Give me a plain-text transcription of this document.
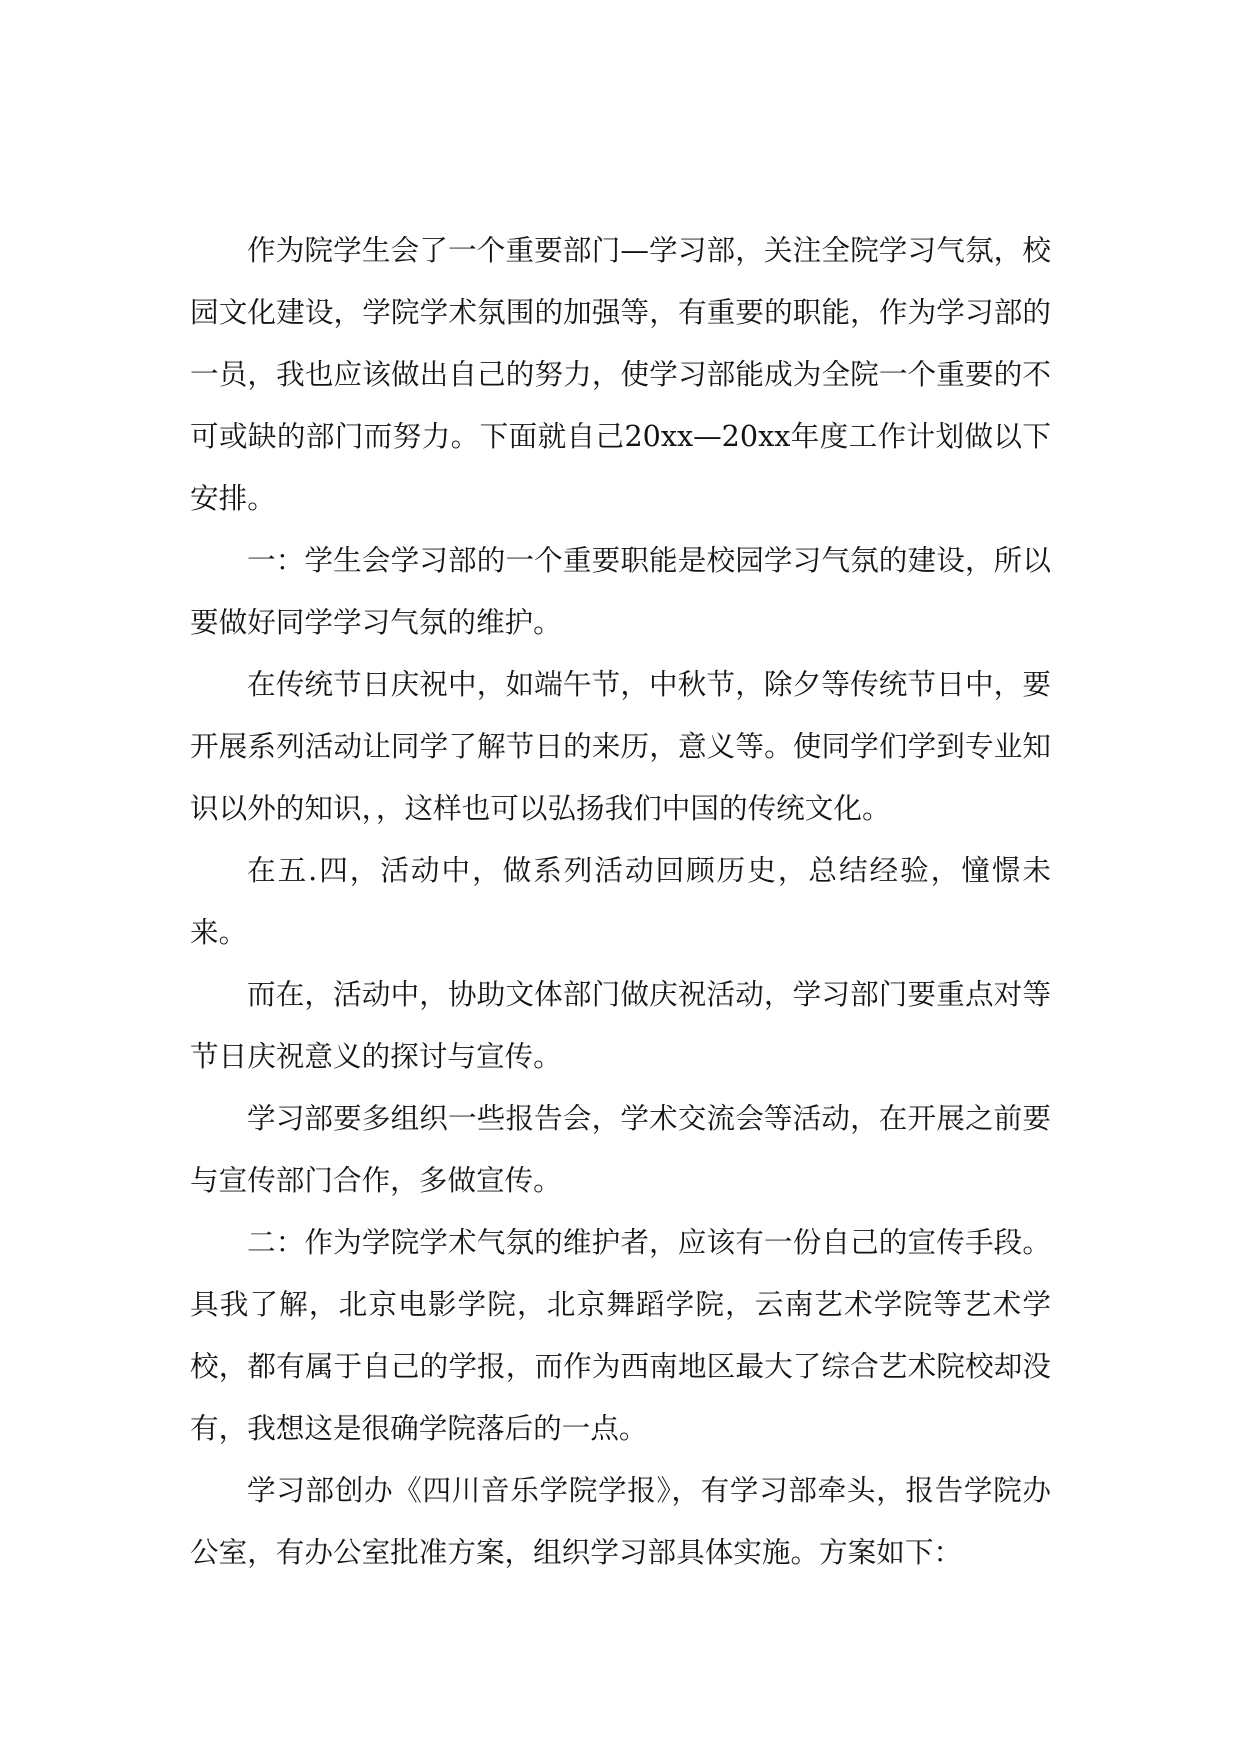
作为院学生会了一个重要部门—学习部，关注全院学习气氛，校园文化建设，学院学术氛围的加强等，有重要的职能，作为学习部的一员，我也应该做出自己的努力，使学习部能成为全院一个重要的不可或缺的部门而努力。下面就自己20xx—20xx年度工作计划做以下安排。

一：学生会学习部的一个重要职能是校园学习气氛的建设，所以要做好同学学习气氛的维护。

在传统节日庆祝中，如端午节，中秋节，除夕等传统节日中，要开展系列活动让同学了解节日的来历，意义等。使同学们学到专业知识以外的知识，，这样也可以弘扬我们中国的传统文化。

在五.四，活动中，做系列活动回顾历史，总结经验，憧憬未来。

而在，活动中，协助文体部门做庆祝活动，学习部门要重点对等节日庆祝意义的探讨与宣传。

学习部要多组织一些报告会，学术交流会等活动，在开展之前要与宣传部门合作，多做宣传。

二：作为学院学术气氛的维护者，应该有一份自己的宣传手段。具我了解，北京电影学院，北京舞蹈学院，云南艺术学院等艺术学校，都有属于自己的学报，而作为西南地区最大了综合艺术院校却没有，我想这是很确学院落后的一点。

学习部创办《四川音乐学院学报》，有学习部牵头，报告学院办公室，有办公室批准方案，组织学习部具体实施。方案如下：
